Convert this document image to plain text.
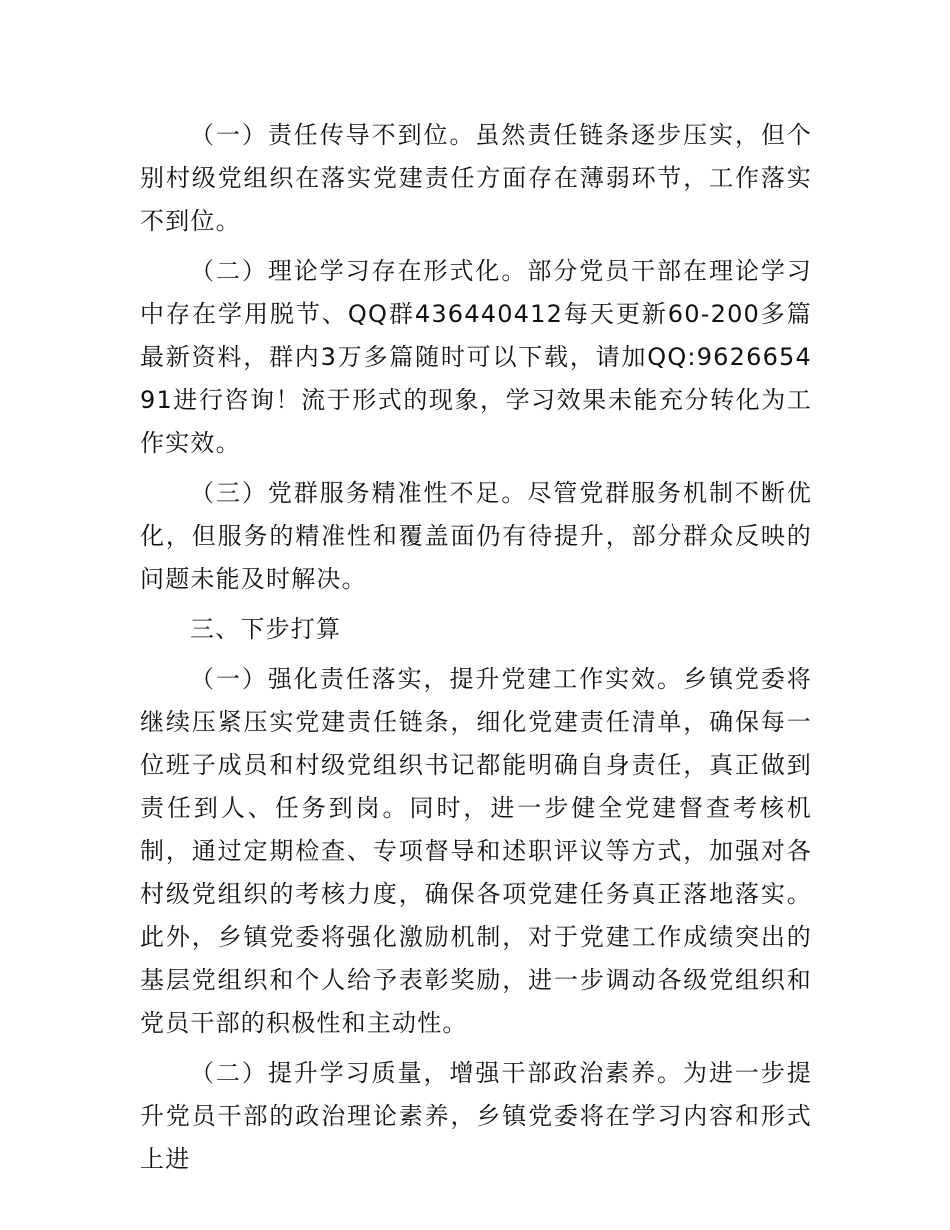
（一）责任传导不到位。虽然责任链条逐步压实，但个别村级党组织在落实党建责任方面存在薄弱环节，工作落实不到位。

（二）理论学习存在形式化。部分党员干部在理论学习中存在学用脱节、QQ群436440412每天更新60-200多篇最新资料，群内3万多篇随时可以下载，请加QQ:962665491进行咨询！流于形式的现象，学习效果未能充分转化为工作实效。

（三）党群服务精准性不足。尽管党群服务机制不断优化，但服务的精准性和覆盖面仍有待提升，部分群众反映的问题未能及时解决。

三、下步打算

（一）强化责任落实，提升党建工作实效。乡镇党委将继续压紧压实党建责任链条，细化党建责任清单，确保每一位班子成员和村级党组织书记都能明确自身责任，真正做到责任到人、任务到岗。同时，进一步健全党建督查考核机制，通过定期检查、专项督导和述职评议等方式，加强对各村级党组织的考核力度，确保各项党建任务真正落地落实。此外，乡镇党委将强化激励机制，对于党建工作成绩突出的基层党组织和个人给予表彰奖励，进一步调动各级党组织和党员干部的积极性和主动性。

（二）提升学习质量，增强干部政治素养。为进一步提升党员干部的政治理论素养，乡镇党委将在学习内容和形式上进
